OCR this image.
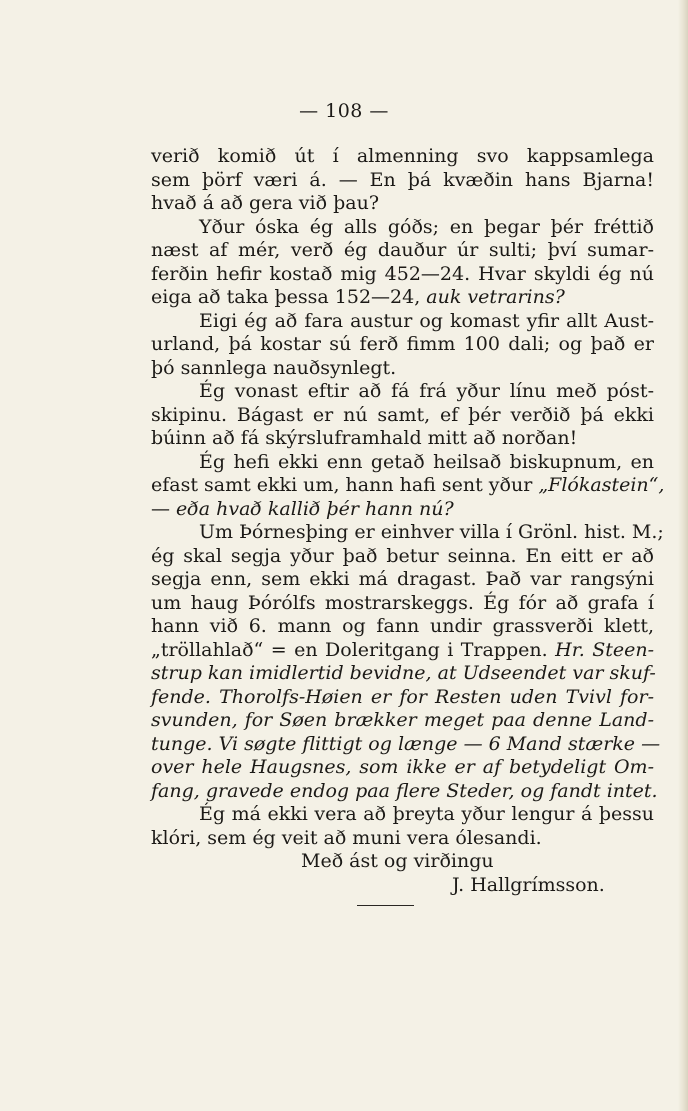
— 108 —
verið komið út í almenning svo kappsamlega
sem þörf væri á. — En þá kvæðin hans Bjarna!
hvað á að gera við þau?
Yður óska ég alls góðs; en þegar þér fréttið
næst af mér, verð ég dauður úr sulti; því sumar-
ferðin hefir kostað mig 452—24. Hvar skyldi ég nú
eiga að taka þessa 152—24, auk vetrarins?
Eigi ég að fara austur og komast yfir allt Aust-
urland, þá kostar sú ferð fimm 100 dali; og það er
þó sannlega nauðsynlegt.
Ég vonast eftir að fá frá yður línu með póst-
skipinu. Bágast er nú samt, ef þér verðið þá ekki
búinn að fá skýrsluframhald mitt að norðan!
Ég hefi ekki enn getað heilsað biskupnum, en
efast samt ekki um, hann hafi sent yður „Flókastein“,
— eða hvað kallið þér hann nú?
Um Þórnesþing er einhver villa í Grönl. hist. M.;
ég skal segja yður það betur seinna. En eitt er að
segja enn, sem ekki má dragast. Það var rangsýni
um haug Þórólfs mostrarskeggs. Ég fór að grafa í
hann við 6. mann og fann undir grassverði klett,
„tröllahlað“ = en Doleritgang i Trappen. Hr. Steen-
strup kan imidlertid bevidne, at Udseendet var skuf-
fende. Thorolfs-Høien er for Resten uden Tvivl for-
svunden, for Søen brækker meget paa denne Land-
tunge. Vi søgte flittigt og længe — 6 Mand stærke —
over hele Haugsnes, som ikke er af betydeligt Om-
fang, gravede endog paa flere Steder, og fandt intet.
Ég má ekki vera að þreyta yður lengur á þessu
klóri, sem ég veit að muni vera ólesandi.
Með ást og virðingu
J. Hallgrímsson.
